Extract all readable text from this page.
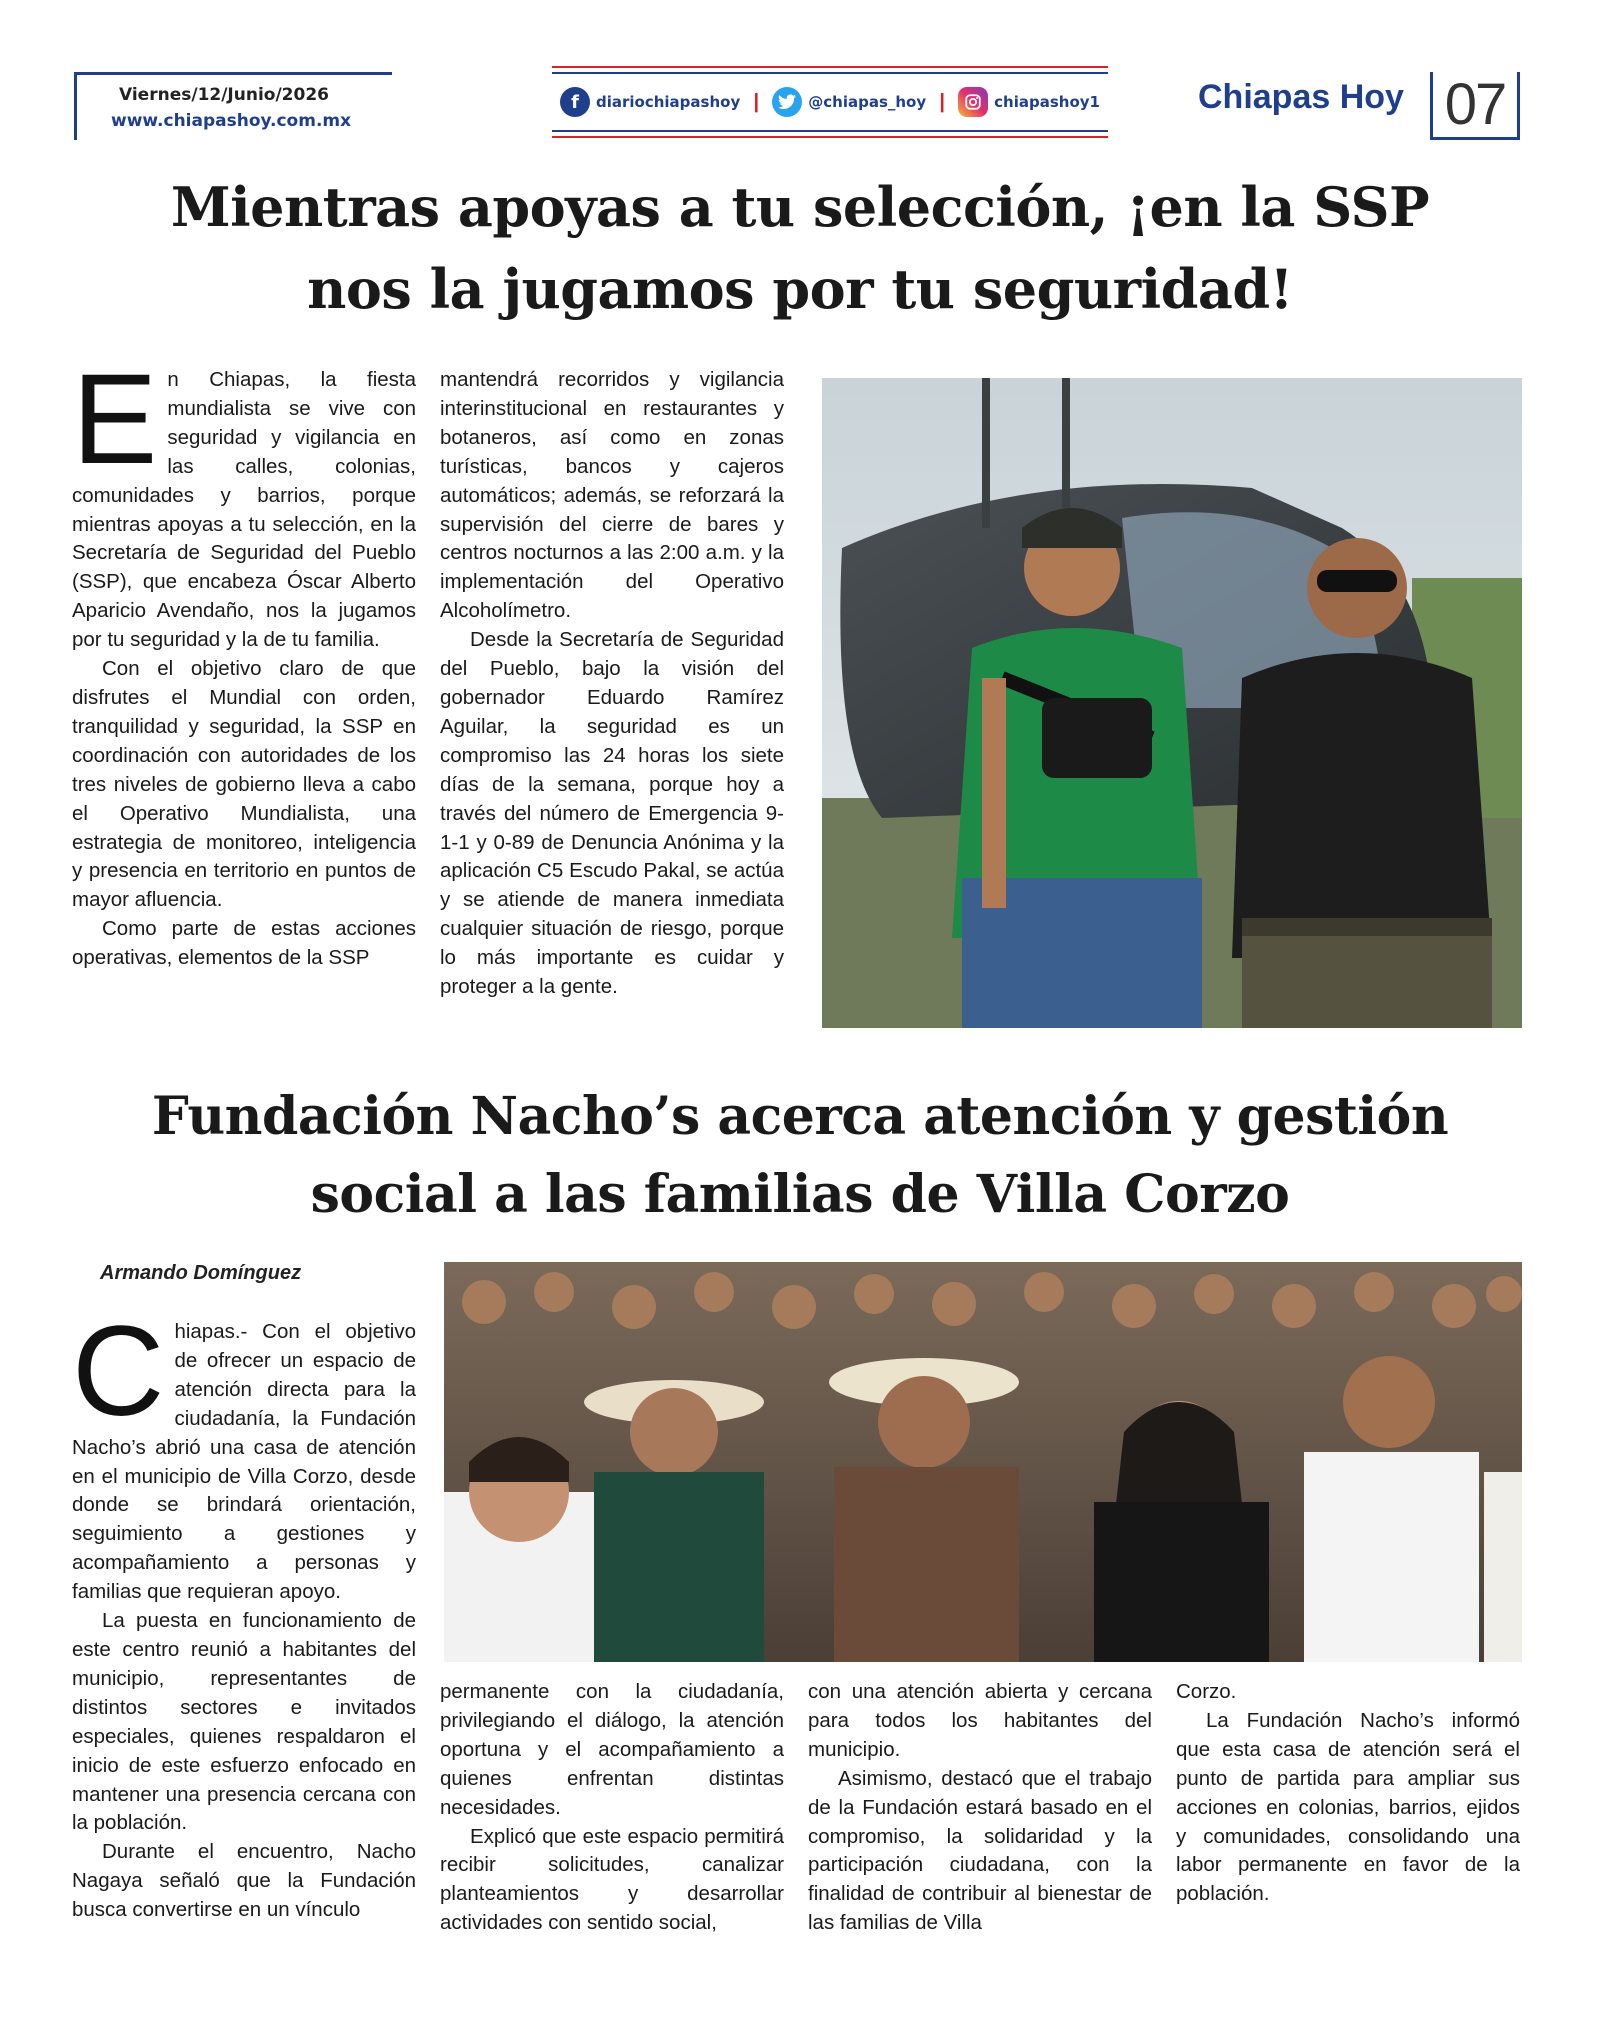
Viernes/12/Junio/2026
www.chiapashoy.com.mx
f	diariochiapashoy |	@chiapas_hoy |	chiapashoy1	Chiapas Hoy 07
Mientras apoyas a tu selección, ¡en la SSP
nos la jugamos por tu seguridad!
E n Chiapas, la fiesta mundialista se vive con seguridad y vigilancia en las calles, colonias, comunidades y barrios, porque mientras apoyas a tu selección, en la Secretaría de Seguridad del Pueblo (SSP), que encabeza Óscar Alberto Aparicio Avendaño, nos la jugamos por tu seguridad y la de tu familia.

Con el objetivo claro de que disfrutes el Mundial con orden, tranquilidad y seguridad, la SSP en coordinación con autoridades de los tres niveles de gobierno lleva a cabo el Operativo Mundialista, una estrategia de monitoreo, inteligencia y presencia en territorio en puntos de mayor afluencia.

Como parte de estas acciones operativas, elementos de la SSP

mantendrá recorridos y vigilancia interinstitucional en restaurantes y botaneros, así como en zonas turísticas, bancos y cajeros automáticos; además, se reforzará la supervisión del cierre de bares y centros nocturnos a las 2:00 a.m. y la implementación del Operativo Alcoholímetro.

Desde la Secretaría de Seguridad del Pueblo, bajo la visión del gobernador Eduardo Ramírez Aguilar, la seguridad es un compromiso las 24 horas los siete días de la semana, porque hoy a través del número de Emergencia 9-1-1 y 0-89 de Denuncia Anónima y la aplicación C5 Escudo Pakal, se actúa y se atiende de manera inmediata cualquier situación de riesgo, porque lo más importante es cuidar y proteger a la gente.

Fundación Nacho’s acerca atención y gestión
social a las familias de Villa Corzo
Armando Domínguez
C hiapas.- Con el objetivo de ofrecer un espacio de atención directa para la ciudadanía, la Fundación Nacho’s abrió una casa de atención en el municipio de Villa Corzo, desde donde se brindará orientación, seguimiento a gestiones y acompañamiento a personas y familias que requieran apoyo.

La puesta en funcionamiento de este centro reunió a habitantes del municipio, representantes de distintos sectores e invitados especiales, quienes respaldaron el inicio de este esfuerzo enfocado en mantener una presencia cercana con la población.

Durante el encuentro, Nacho Nagaya señaló que la Fundación busca convertirse en un vínculo

permanente con la ciudadanía, privilegiando el diálogo, la atención oportuna y el acompañamiento a quienes enfrentan distintas necesidades.

Explicó que este espacio permitirá recibir solicitudes, canalizar planteamientos y desarrollar actividades con sentido social,

con una atención abierta y cercana para todos los habitantes del municipio.

Asimismo, destacó que el trabajo de la Fundación estará basado en el compromiso, la solidaridad y la participación ciudadana, con la finalidad de contribuir al bienestar de las familias de Villa

Corzo.

La Fundación Nacho’s informó que esta casa de atención será el punto de partida para ampliar sus acciones en colonias, barrios, ejidos y comunidades, consolidando una labor permanente en favor de la población.
